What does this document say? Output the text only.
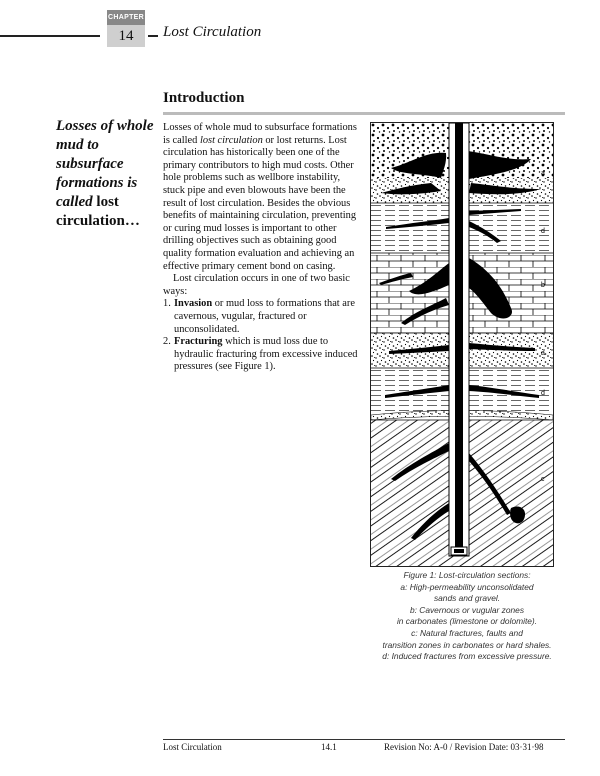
CHAPTER
14	Lost Circulation
Introduction
Losses of whole mud to subsurface formations is called lost circulation…

Losses of whole mud to subsurface formations is called lost circulation or lost returns. Lost circulation has historically been one of the primary contributors to high mud costs. Other hole problems such as wellbore instability, stuck pipe and even blowouts have been the result of lost circulation. Besides the obvious benefits of maintaining circulation, preventing or curing mud losses is important to other drilling objectives such as obtaining good quality formation evaluation and achieving an effective primary cement bond on casing.

Lost circulation occurs in one of two basic ways:

1. Invasion or mud loss to formations that are cavernous, vugular, fractured or unconsolidated.
2. Fracturing which is mud loss due to hydraulic fracturing from excessive induced pressures (see Figure 1).
a
d
b
a
d
c
Figure 1: Lost-circulation sections:
a: High-permeability unconsolidated
sands and gravel.
b: Cavernous or vugular zones
in carbonates (limestone or dolomite).
c: Natural fractures, faults and
transition zones in carbonates or hard shales.
d: Induced fractures from excessive pressure.
Lost Circulation	14.1	Revision No: A-0 / Revision Date: 03·31·98
